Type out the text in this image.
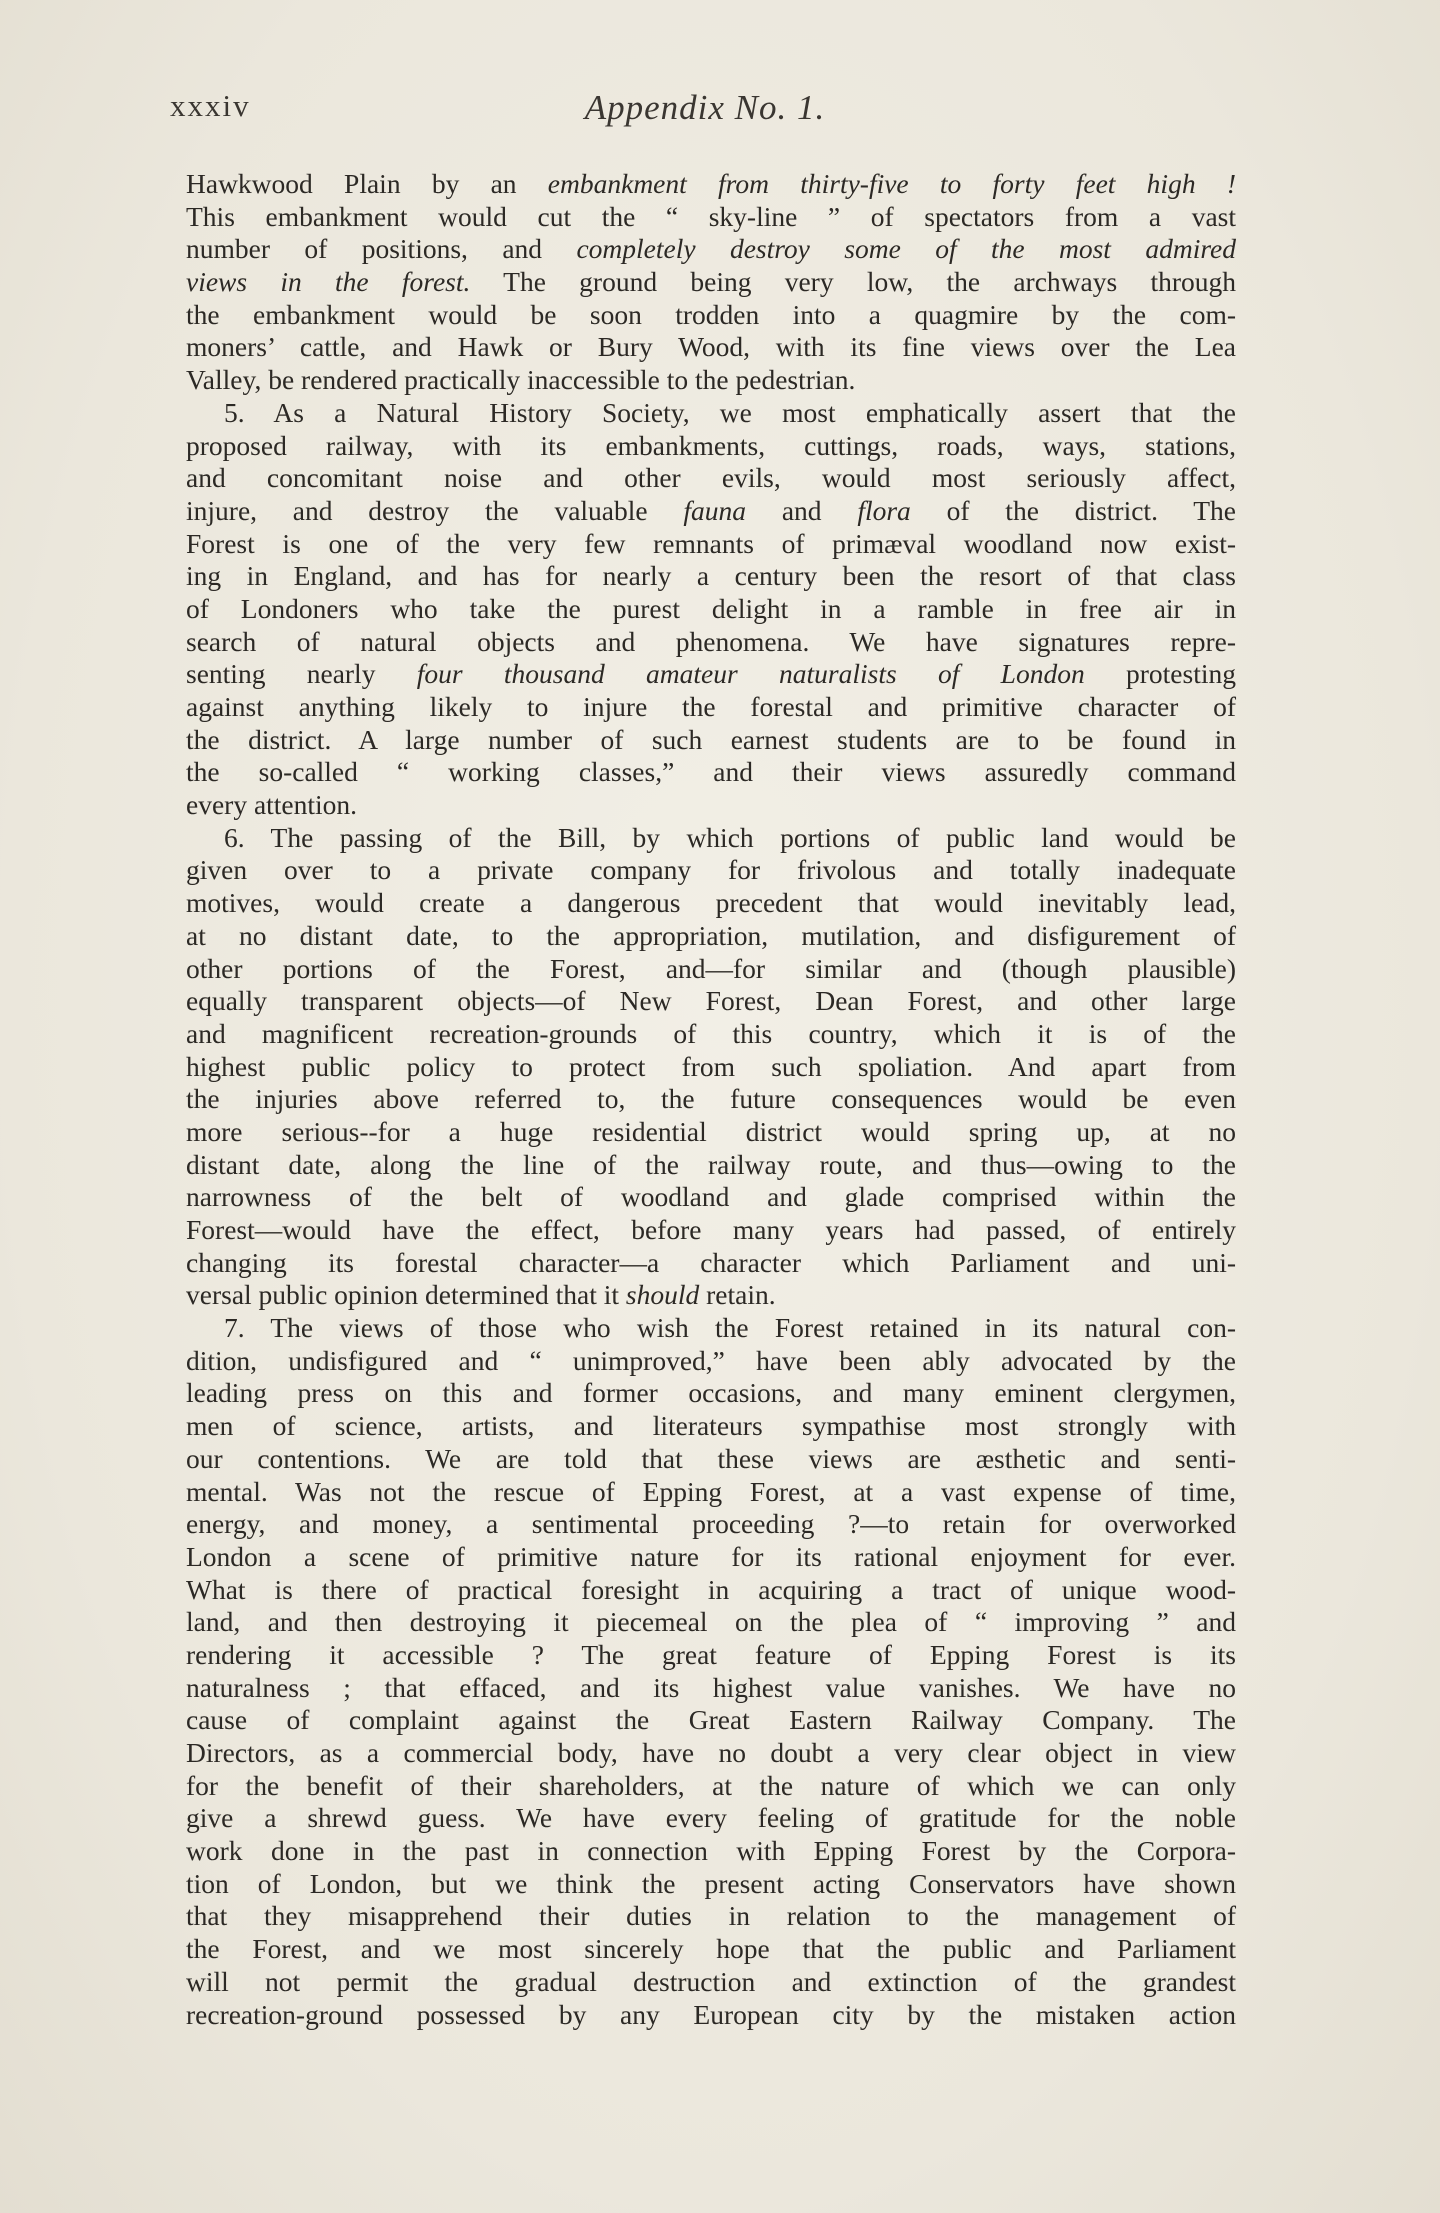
xxxiv	Appendix No. 1.
Hawkwood Plain by an embankment from thirty-five to forty feet high !
This embankment would cut the “ sky-line ” of spectators from a vast
number of positions, and completely destroy some of the most admired
views in the forest. The ground being very low, the archways through
the embankment would be soon trodden into a quagmire by the com-
moners’ cattle, and Hawk or Bury Wood, with its fine views over the Lea
Valley, be rendered practically inaccessible to the pedestrian.
5. As a Natural History Society, we most emphatically assert that the
proposed railway, with its embankments, cuttings, roads, ways, stations,
and concomitant noise and other evils, would most seriously affect,
injure, and destroy the valuable fauna and flora of the district. The
Forest is one of the very few remnants of primæval woodland now exist-
ing in England, and has for nearly a century been the resort of that class
of Londoners who take the purest delight in a ramble in free air in
search of natural objects and phenomena. We have signatures repre-
senting nearly four thousand amateur naturalists of London protesting
against anything likely to injure the forestal and primitive character of
the district. A large number of such earnest students are to be found in
the so-called “ working classes,” and their views assuredly command
every attention.
6. The passing of the Bill, by which portions of public land would be
given over to a private company for frivolous and totally inadequate
motives, would create a dangerous precedent that would inevitably lead,
at no distant date, to the appropriation, mutilation, and disfigurement of
other portions of the Forest, and—for similar and (though plausible)
equally transparent objects—of New Forest, Dean Forest, and other large
and magnificent recreation-grounds of this country, which it is of the
highest public policy to protect from such spoliation. And apart from
the injuries above referred to, the future consequences would be even
more serious--for a huge residential district would spring up, at no
distant date, along the line of the railway route, and thus—owing to the
narrowness of the belt of woodland and glade comprised within the
Forest—would have the effect, before many years had passed, of entirely
changing its forestal character—a character which Parliament and uni-
versal public opinion determined that it should retain.
7. The views of those who wish the Forest retained in its natural con-
dition, undisfigured and “ unimproved,” have been ably advocated by the
leading press on this and former occasions, and many eminent clergymen,
men of science, artists, and literateurs sympathise most strongly with
our contentions. We are told that these views are æsthetic and senti-
mental. Was not the rescue of Epping Forest, at a vast expense of time,
energy, and money, a sentimental proceeding ?—to retain for overworked
London a scene of primitive nature for its rational enjoyment for ever.
What is there of practical foresight in acquiring a tract of unique wood-
land, and then destroying it piecemeal on the plea of “ improving ” and
rendering it accessible ? The great feature of Epping Forest is its
naturalness ; that effaced, and its highest value vanishes. We have no
cause of complaint against the Great Eastern Railway Company. The
Directors, as a commercial body, have no doubt a very clear object in view
for the benefit of their shareholders, at the nature of which we can only
give a shrewd guess. We have every feeling of gratitude for the noble
work done in the past in connection with Epping Forest by the Corpora-
tion of London, but we think the present acting Conservators have shown
that they misapprehend their duties in relation to the management of
the Forest, and we most sincerely hope that the public and Parliament
will not permit the gradual destruction and extinction of the grandest
recreation-ground possessed by any European city by the mistaken action
